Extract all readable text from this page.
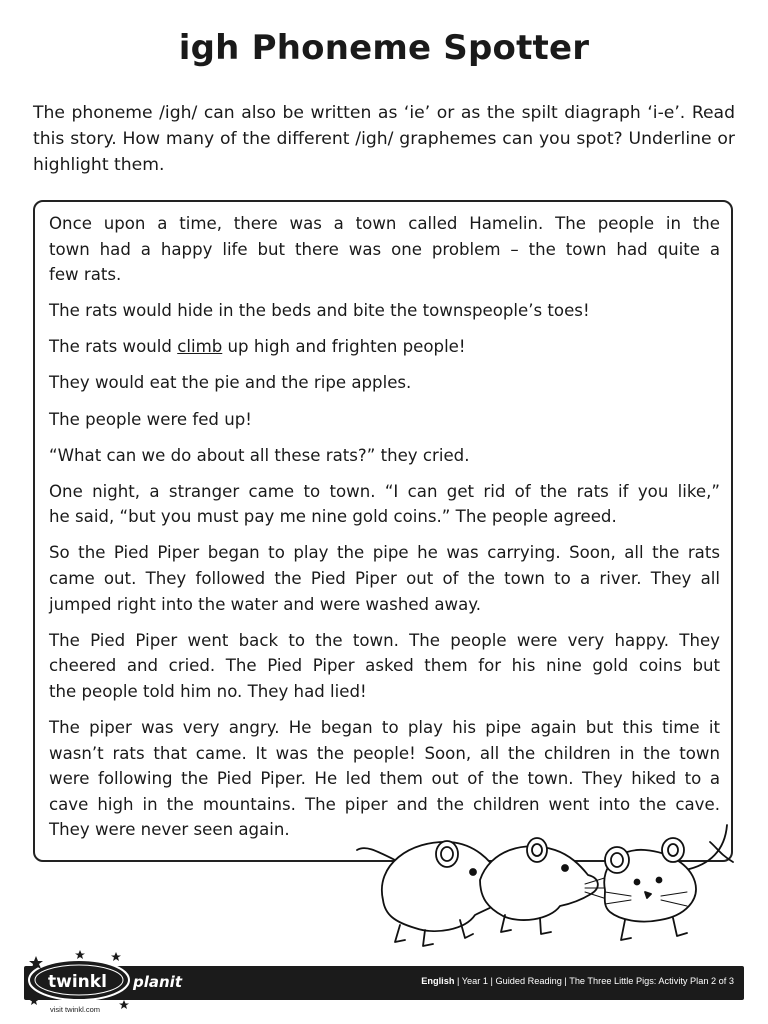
igh Phoneme Spotter
The phoneme /igh/ can also be written as ‘ie’ or as the spilt diagraph ‘i-e’. Read this story. How many of the different /igh/ graphemes can you spot? Underline or highlight them.

Once upon a time, there was a town called Hamelin. The people in the
town had a happy life but there was one problem – the town had quite a
few rats.

The rats would hide in the beds and bite the townspeople’s toes!

The rats would climb up high and frighten people!

They would eat the pie and the ripe apples.

The people were fed up!

“What can we do about all these rats?” they cried.

One night, a stranger came to town. “I can get rid of the rats if you like,”
he said, “but you must pay me nine gold coins.” The people agreed.

So the Pied Piper began to play the pipe he was carrying. Soon, all the rats
came out. They followed the Pied Piper out of the town to a river. They all
jumped right into the water and were washed away.

The Pied Piper went back to the town. The people were very happy. They
cheered and cried. The Pied Piper asked them for his nine gold coins but
the people told him no. They had lied!

The piper was very angry. He began to play his pipe again but this time it
wasn’t rats that came. It was the people! Soon, all the children in the town
were following the Pied Piper. He led them out of the town. They hiked to a
cave high in the mountains. The piper and the children went into the cave.
They were never seen again.

twinkl planit
visit twinkl.com
English | Year 1 | Guided Reading | The Three Little Pigs: Activity Plan 2 of 3
